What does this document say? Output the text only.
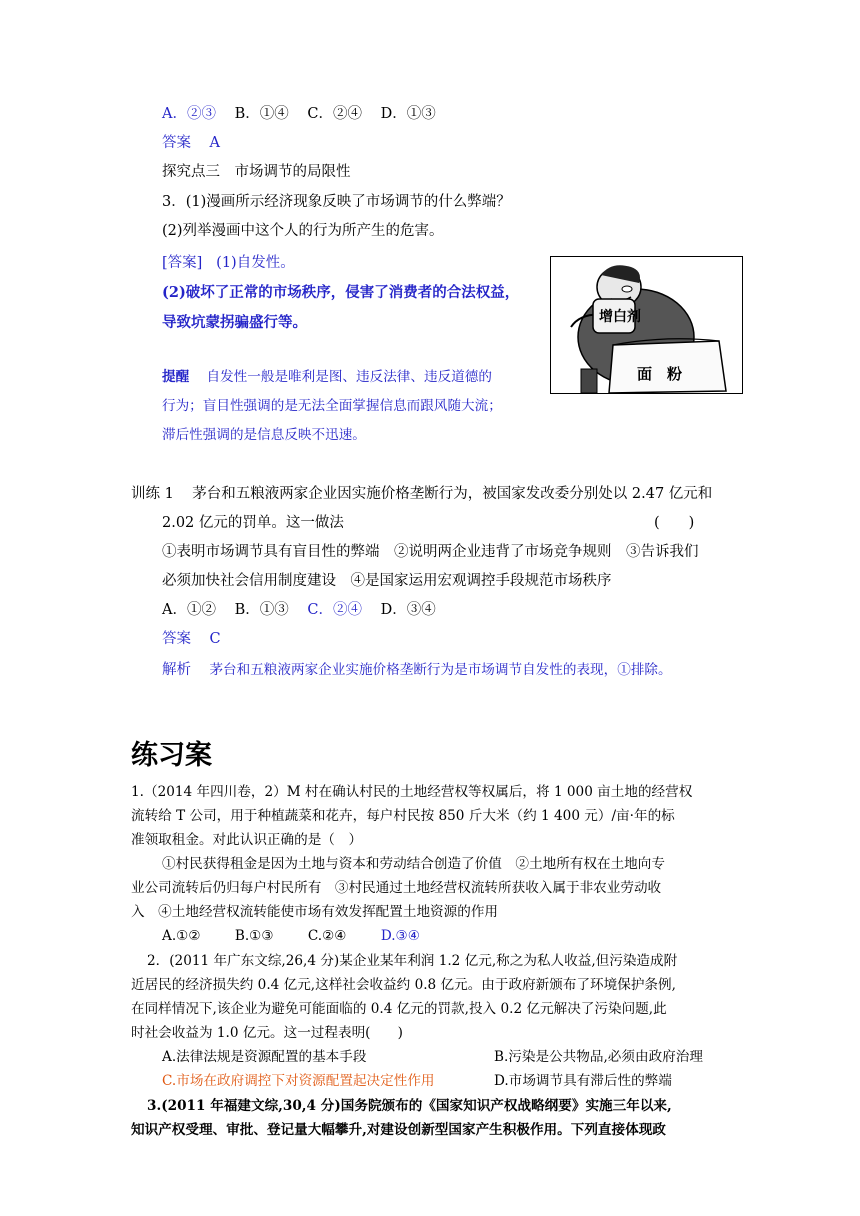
A．②③ B．①④ C．②④ D．①③
答案 A
探究点三　市场调节的局限性
3．(1)漫画所示经济现象反映了市场调节的什么弊端？
(2)列举漫画中这个人的行为所产生的危害。
[答案] (1)自发性。
(2)破坏了正常的市场秩序，侵害了消费者的合法权益，
导致坑蒙拐骗盛行等。
提醒 自发性一般是唯利是图、违反法律、违反道德的
行为；盲目性强调的是无法全面掌握信息而跟风随大流；
滞后性强调的是信息反映不迅速。
增白剂
面　粉
训练 1 茅台和五粮液两家企业因实施价格垄断行为，被国家发改委分别处以 2.47 亿元和
2.02 亿元的罚单。这一做法	(　　)
①表明市场调节具有盲目性的弊端　②说明两企业违背了市场竞争规则　③告诉我们
必须加快社会信用制度建设　④是国家运用宏观调控手段规范市场秩序
A．①② B．①③ C．②④ D．③④
答案 C
解析 茅台和五粮液两家企业实施价格垄断行为是市场调节自发性的表现，①排除。
练习案
1.（2014 年四川卷，2）M 村在确认村民的土地经营权等权属后，将 1 000 亩土地的经营权
流转给 T 公司，用于种植蔬菜和花卉，每户村民按 850 斤大米（约 1 400 元）/亩·年的标
准领取租金。对此认识正确的是（　）
①村民获得租金是因为土地与资本和劳动结合创造了价值　②土地所有权在土地向专
业公司流转后仍归每户村民所有　③村民通过土地经营权流转所获收入属于非农业劳动收
入　④土地经营权流转能使市场有效发挥配置土地资源的作用
A.①②	B.①③	C.②④	D.③④
2．(2011 年广东文综,26,4 分)某企业某年利润 1.2 亿元,称之为私人收益,但污染造成附
近居民的经济损失约 0.4 亿元,这样社会收益约 0.8 亿元。由于政府新颁布了环境保护条例,
在同样情况下,该企业为避免可能面临的 0.4 亿元的罚款,投入 0.2 亿元解决了污染问题,此
时社会收益为 1.0 亿元。这一过程表明(　　)
A.法律法规是资源配置的基本手段	B.污染是公共物品,必须由政府治理
C.市场在政府调控下对资源配置起决定性作用	D.市场调节具有滞后性的弊端
3.(2011 年福建文综,30,4 分)国务院颁布的《国家知识产权战略纲要》实施三年以来,
知识产权受理、审批、登记量大幅攀升,对建设创新型国家产生积极作用。下列直接体现政
